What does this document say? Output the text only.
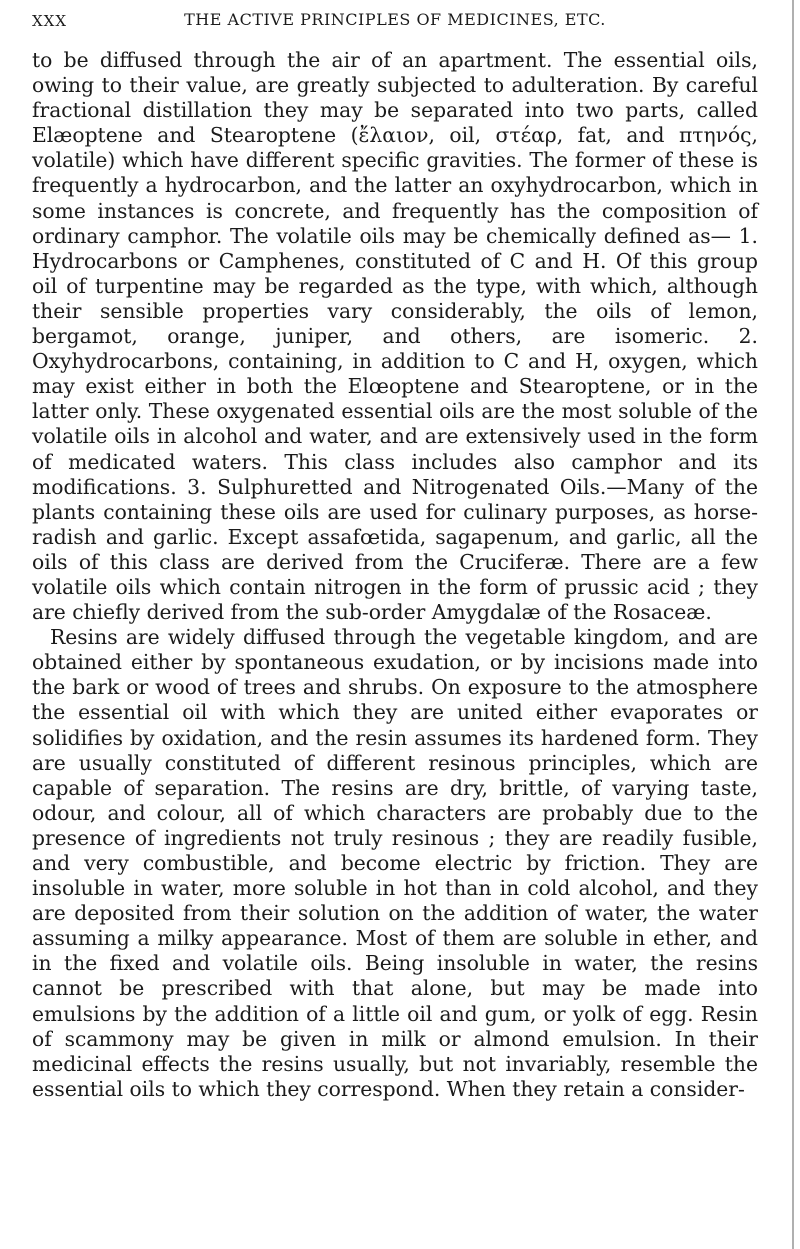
XXX	THE ACTIVE PRINCIPLES OF MEDICINES, ETC.

to be diffused through the air of an apartment. The essential oils, owing to their value, are greatly subjected to adulteration. By careful fractional distillation they may be separated into two parts, called Elæoptene and Stearoptene (ἔλαιον, oil, στέαρ, fat, and πτηνός, volatile) which have different specific gravities. The former of these is frequently a hydrocarbon, and the latter an oxyhydrocarbon, which in some instances is concrete, and frequently has the composition of ordinary camphor. The volatile oils may be chemically defined as— 1. Hydrocarbons or Camphenes, constituted of C and H. Of this group oil of turpentine may be regarded as the type, with which, although their sensible properties vary considerably, the oils of lemon, bergamot, orange, juniper, and others, are isomeric. 2. Oxyhydrocarbons, containing, in addition to C and H, oxygen, which may exist either in both the Elœoptene and Stearoptene, or in the latter only. These oxygenated essential oils are the most soluble of the volatile oils in alcohol and water, and are extensively used in the form of medicated waters. This class includes also camphor and its modifications. 3. Sulphuretted and Nitrogenated Oils.—Many of the plants containing these oils are used for culinary purposes, as horse-radish and garlic. Except assafœtida, sagapenum, and garlic, all the oils of this class are derived from the Cruciferæ. There are a few volatile oils which contain nitrogen in the form of prussic acid ; they are chiefly derived from the sub-order Amygdalæ of the Rosaceæ.

Resins are widely diffused through the vegetable kingdom, and are obtained either by spontaneous exudation, or by incisions made into the bark or wood of trees and shrubs. On exposure to the atmosphere the essential oil with which they are united either evaporates or solidifies by oxidation, and the resin assumes its hardened form. They are usually constituted of different resinous principles, which are capable of separation. The resins are dry, brittle, of varying taste, odour, and colour, all of which characters are probably due to the presence of ingredients not truly resinous ; they are readily fusible, and very combustible, and become electric by friction. They are insoluble in water, more soluble in hot than in cold alcohol, and they are deposited from their solution on the addition of water, the water assuming a milky appearance. Most of them are soluble in ether, and in the fixed and volatile oils. Being insoluble in water, the resins cannot be prescribed with that alone, but may be made into emulsions by the addition of a little oil and gum, or yolk of egg. Resin of scammony may be given in milk or almond emulsion. In their medicinal effects the resins usually, but not invariably, resemble the essential oils to which they correspond. When they retain a consider-
